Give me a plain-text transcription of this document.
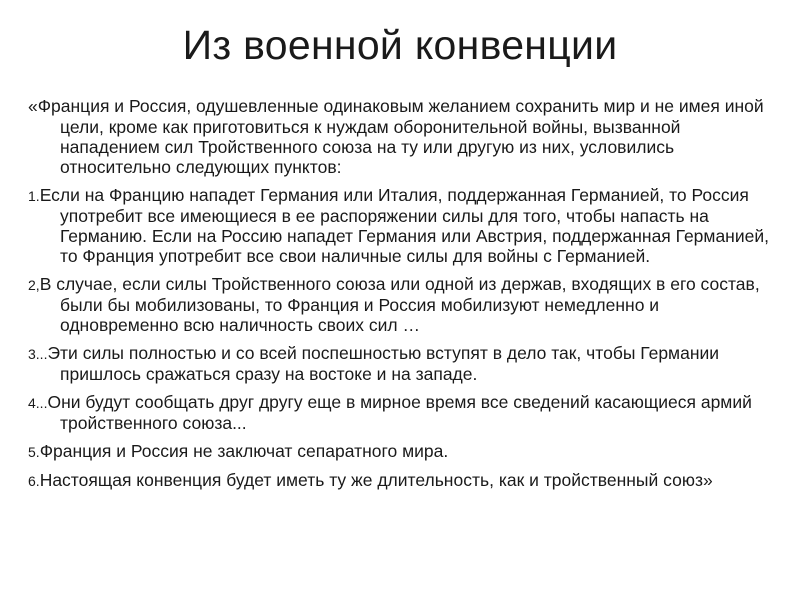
Из военной конвенции

«Франция и Россия, одушевленные одинаковым желанием сохранить мир и не имея иной цели, кроме как приготовиться к нуждам оборонительной войны, вызванной нападением сил Тройственного союза на ту или другую из них, условились относительно следующих пунктов:

1.Если на Францию нападет Германия или Италия, поддержанная Германией, то Россия употребит все имеющиеся в ее распоряжении силы для того, чтобы напасть на Германию. Если на Россию нападет Германия или Австрия, поддержанная Германией, то Франция употребит все свои наличные силы для войны с Германией.

2,В случае, если силы Тройственного союза или одной из держав, входящих в его состав, были бы мобилизованы, то Франция и Россия мобилизуют немедленно и одновременно всю наличность своих сил …

3...Эти силы полностью и со всей поспешностью вступят в дело так, чтобы Германии пришлось сражаться сразу на востоке и на западе.

4...Они будут сообщать друг другу еще в мирное время все сведений касающиеся армий тройственного союза...

5.Франция и Россия не заключат сепаратного мира.

6.Настоящая конвенция будет иметь ту же длительность, как и тройственный союз»
